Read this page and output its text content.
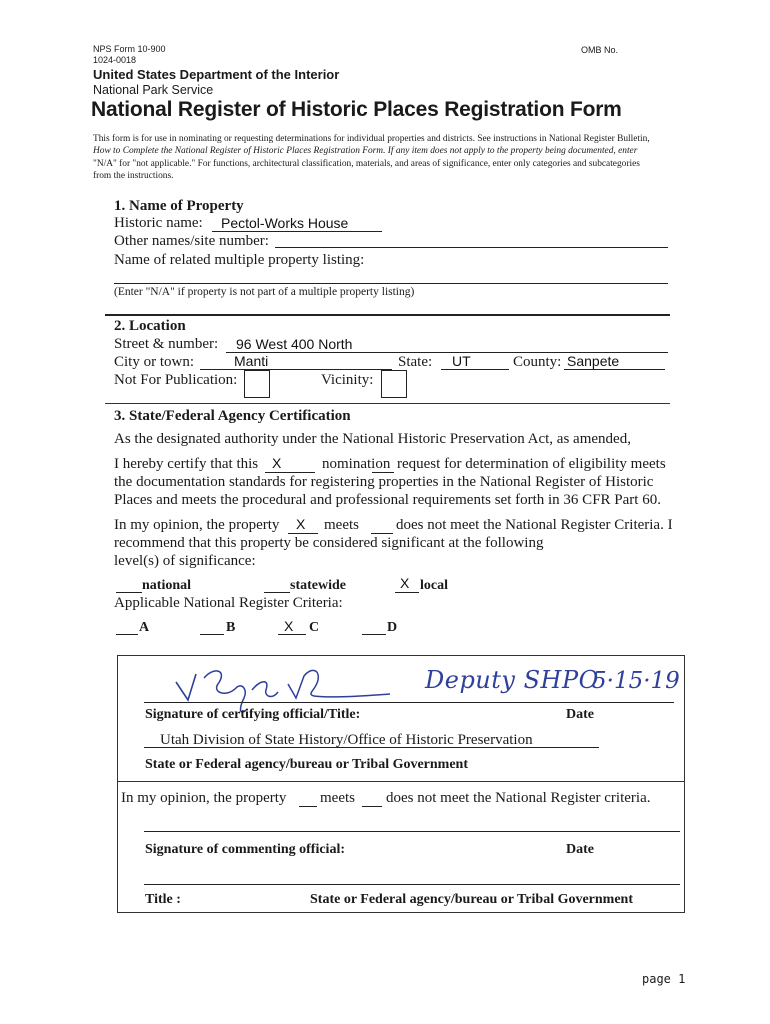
NPS Form 10-900
1024-0018
OMB No.
United States Department of the Interior
National Park Service
National Register of Historic Places Registration Form
This form is for use in nominating or requesting determinations for individual properties and districts. See instructions in National Register Bulletin,
How to Complete the National Register of Historic Places Registration Form. If any item does not apply to the property being documented, enter
"N/A" for "not applicable." For functions, architectural classification, materials, and areas of significance, enter only categories and subcategories
from the instructions.
1. Name of Property
Historic name: Pectol-Works House
Other names/site number:
Name of related multiple property listing:
(Enter "N/A" if property is not part of a multiple property listing)
2. Location
Street & number: 96 West 400 North
City or town:	Manti	State: UT	County: Sanpete
Not For Publication:	Vicinity:
3. State/Federal Agency Certification
As the designated authority under the National Historic Preservation Act, as amended,
I hereby certify that this X	nomination request for determination of eligibility meets
the documentation standards for registering properties in the National Register of Historic
Places and meets the procedural and professional requirements set forth in 36 CFR Part 60.
In my opinion, the property X meets does not meet the National Register Criteria. I
recommend that this property be considered significant at the following
level(s) of significance:
national	statewide	X local
Applicable National Register Criteria:
A	B	X C	D
Deputy SHPO
5·15·19
Signature of certifying official/Title:	Date
Utah Division of State History/Office of Historic Preservation
State or Federal agency/bureau or Tribal Government
In my opinion, the property meets does not meet the National Register criteria.
Signature of commenting official:	Date
Title :	State or Federal agency/bureau or Tribal Government
page 1
